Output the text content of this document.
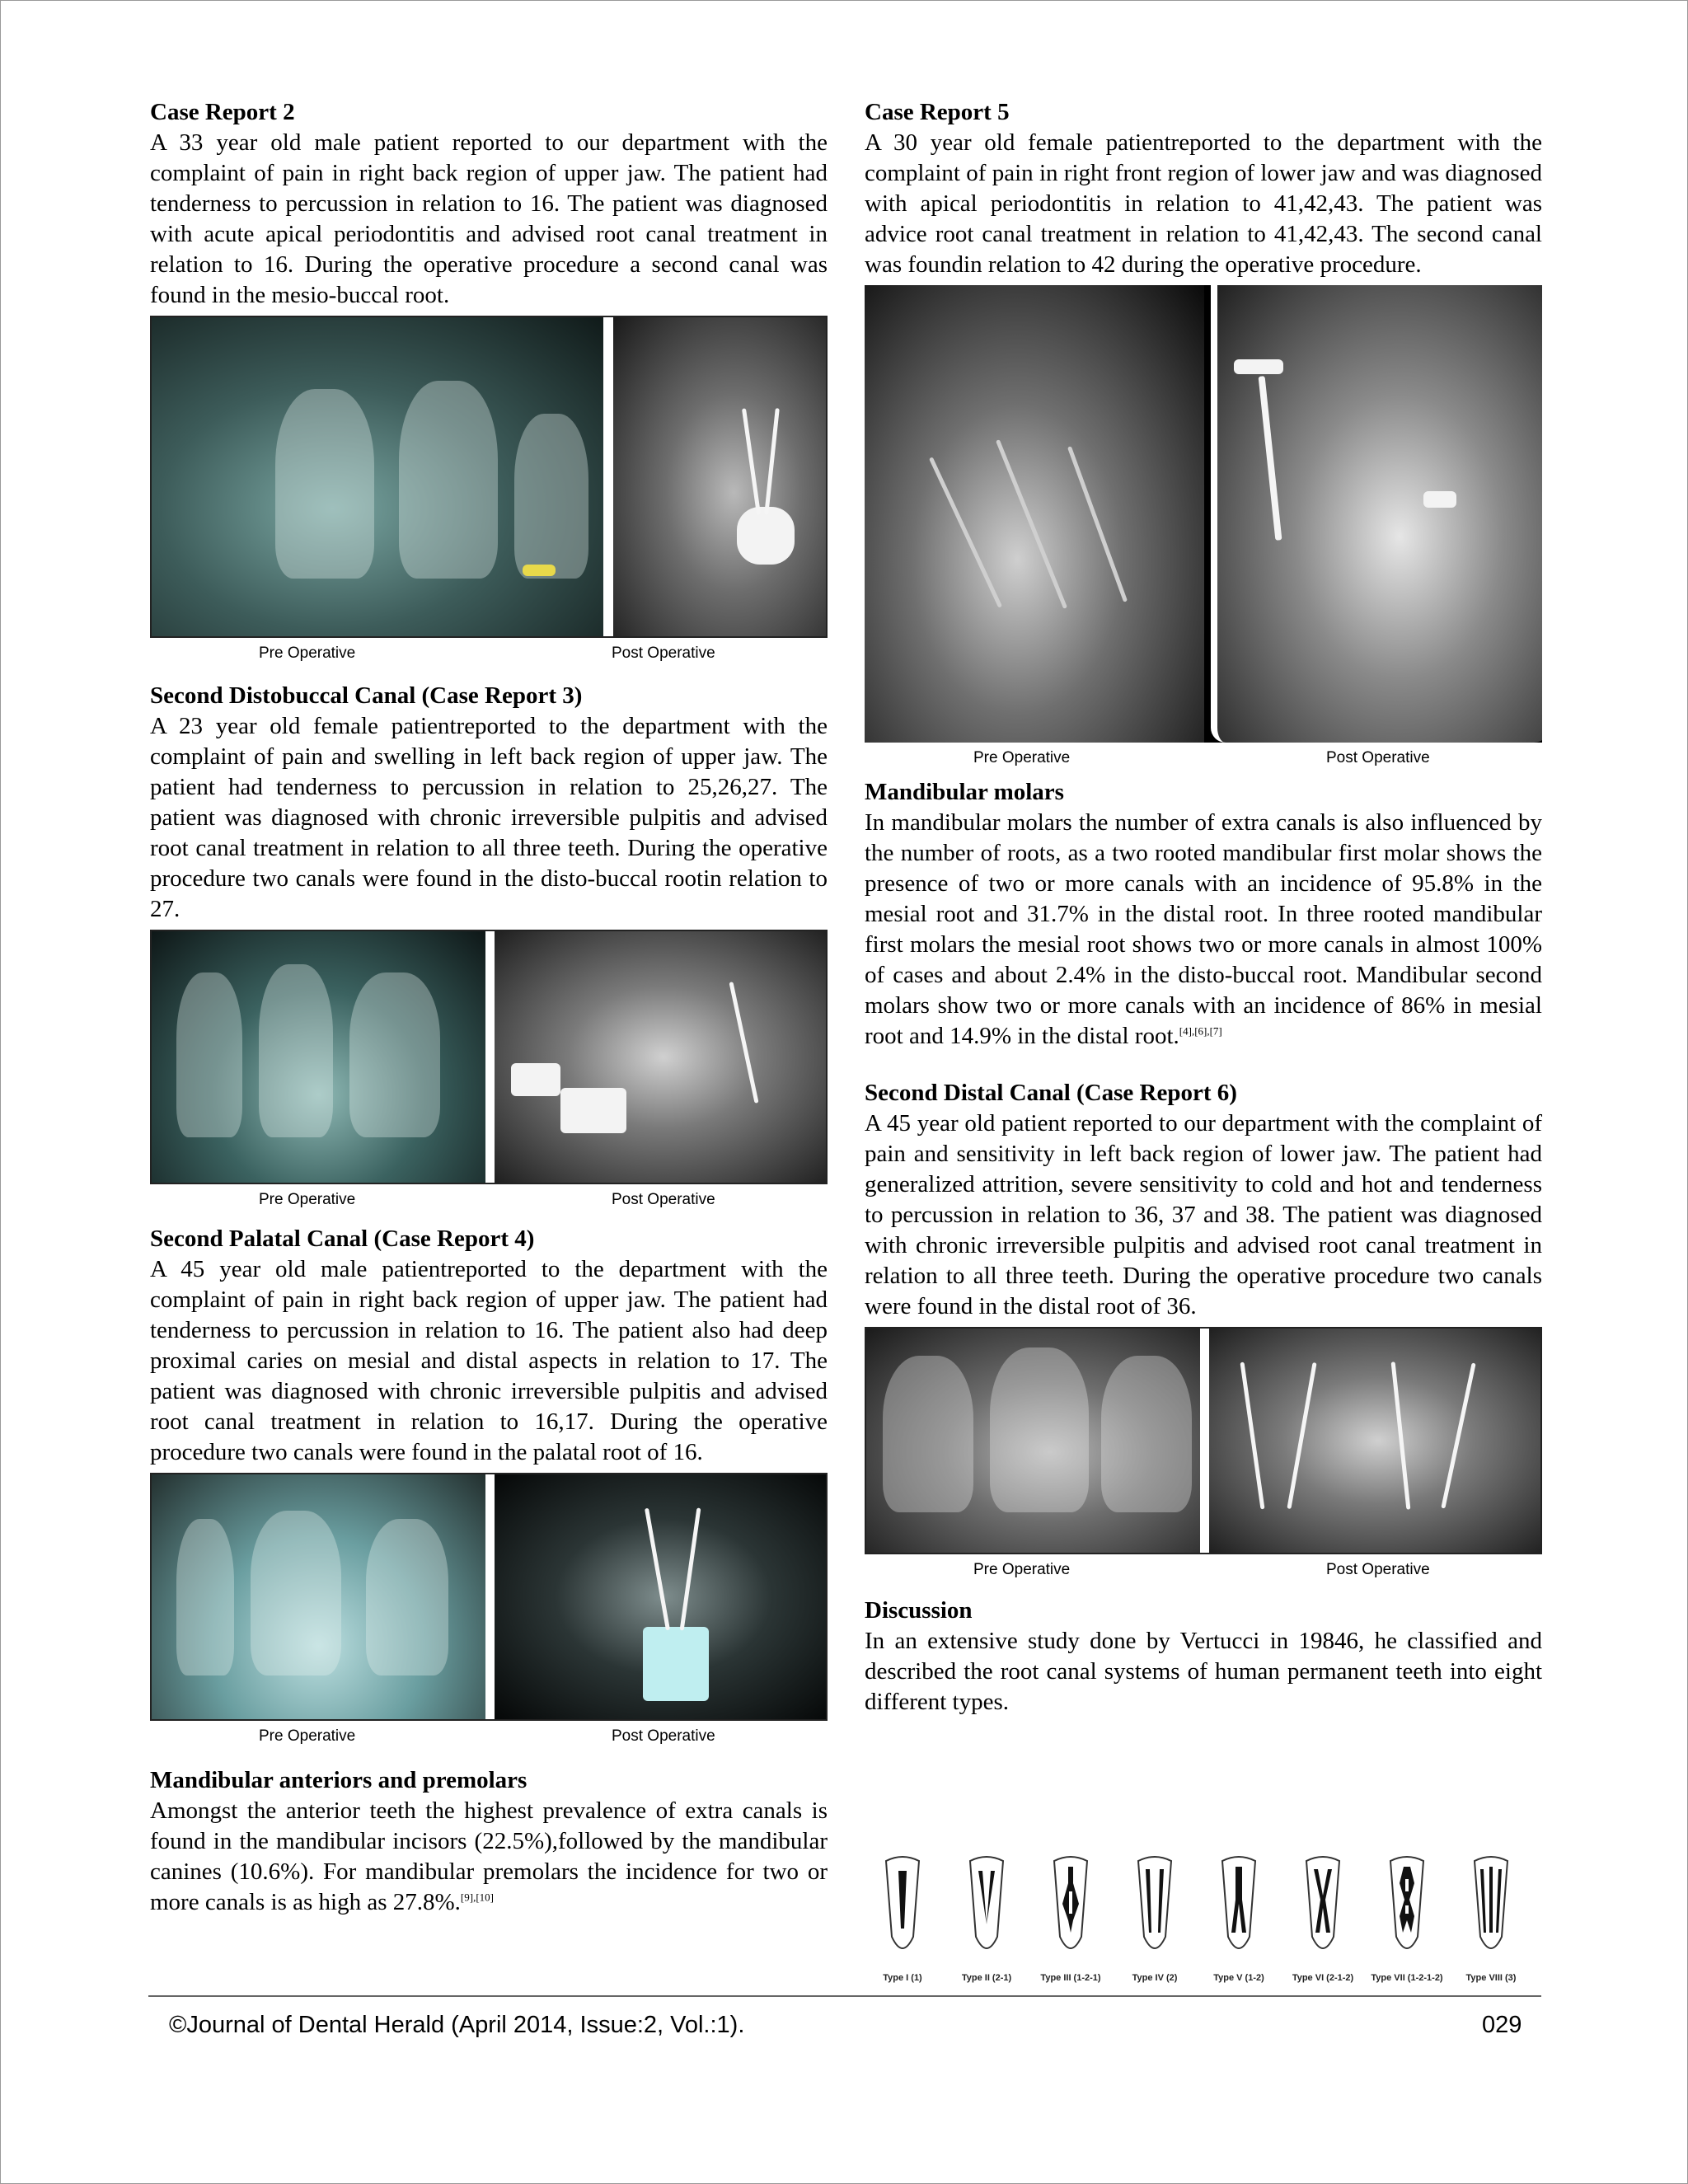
Case Report 2

A 33 year old male patient reported to our department with the complaint of pain in right back region of upper jaw. The patient had tenderness to percussion in relation to 16. The patient was diagnosed with acute apical periodontitis and advised root canal treatment in relation to 16. During the operative procedure a second canal was found in the mesio-buccal root.

Pre Operative	Post Operative
Second Distobuccal Canal (Case Report 3)

A 23 year old female patientreported to the department with the complaint of pain and swelling in left back region of upper jaw. The patient had tenderness to percussion in relation to 25,26,27. The patient was diagnosed with chronic irreversible pulpitis and advised root canal treatment in relation to all three teeth. During the operative procedure two canals were found in the disto-buccal rootin relation to 27.

Pre Operative	Post Operative
Second Palatal Canal (Case Report 4)

A 45 year old male patientreported to the department with the complaint of pain in right back region of upper jaw. The patient had tenderness to percussion in relation to 16. The patient also had deep proximal caries on mesial and distal aspects in relation to 17. The patient was diagnosed with chronic irreversible pulpitis and advised root canal treatment in relation to 16,17. During the operative procedure two canals were found in the palatal root of 16.

Pre Operative	Post Operative
Mandibular anteriors and premolars

Amongst the anterior teeth the highest prevalence of extra canals is found in the mandibular incisors (22.5%),followed by the mandibular canines (10.6%). For mandibular premolars the incidence for two or more canals is as high as 27.8%.[9],[10]

Case Report 5

A 30 year old female patientreported to the department with the complaint of pain in right front region of lower jaw and was diagnosed with apical periodontitis in relation to 41,42,43. The patient was advice root canal treatment in relation to 41,42,43. The second canal was foundin relation to 42 during the operative procedure.

Pre Operative	Post Operative
Mandibular molars

In mandibular molars the number of extra canals is also influenced by the number of roots, as a two rooted mandibular first molar shows the presence of two or more canals with an incidence of 95.8% in the mesial root and 31.7% in the distal root. In three rooted mandibular first molars the mesial root shows two or more canals in almost 100% of cases and about 2.4% in the disto-buccal root. Mandibular second molars show two or more canals with an incidence of 86% in mesial root and 14.9% in the distal root.[4],[6],[7]

Second Distal Canal (Case Report 6)

A 45 year old patient reported to our department with the complaint of pain and sensitivity in left back region of lower jaw. The patient had generalized attrition, severe sensitivity to cold and hot and tenderness to percussion in relation to 36, 37 and 38. The patient was diagnosed with chronic irreversible pulpitis and advised root canal treatment in relation to all three teeth. During the operative procedure two canals were found in the distal root of 36.

Pre Operative	Post Operative
Discussion

In an extensive study done by Vertucci in 19846, he classified and described the root canal systems of human permanent teeth into eight different types.

Type I (1)	Type II (2-1)	Type III (1-2-1)	Type IV (2)	Type V (1-2)	Type VI (2-1-2)	Type VII (1-2-1-2)	Type VIII (3)
©Journal of Dental Herald (April 2014, Issue:2, Vol.:1).	029
